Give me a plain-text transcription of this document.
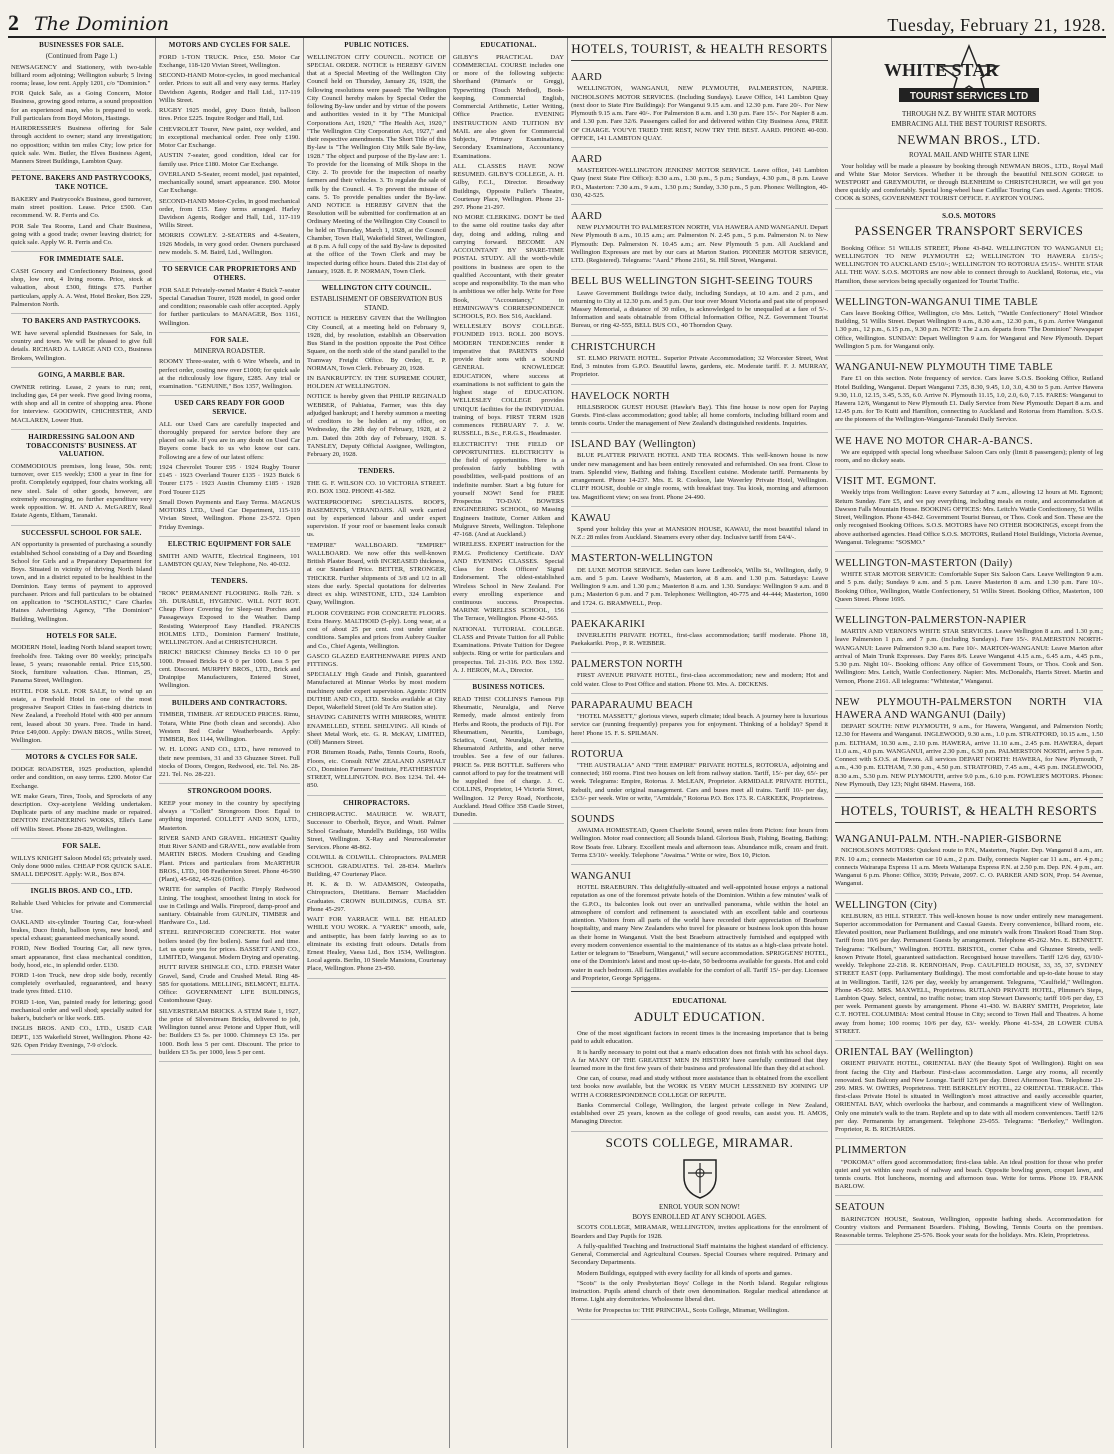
2 The Dominion	Tuesday, February 21, 1928.
BUSINESSES FOR SALE.
(Continued from Page 1.)

NEWSAGENCY and Stationery, with two-table billiard room adjoining; Wellington suburb; 5 living rooms; lease, low rent. Apply 1201, c/o "Dominion."

FOR Quick Sale, as a Going Concern, Motor Business, growing good returns, a sound proposition for an experienced man, who is prepared to work. Full particulars from Boyd Motors, Hastings.

HAIRDRESSER'S Business offering for Sale through accident to owner; stand any investigation; no opposition; within ten miles City; low price for quick sale. Wm. Butler, the Elves Business Agent, Manners Street Buildings, Lambton Quay.

PETONE. BAKERS AND PASTRYCOOKS, TAKE NOTICE.

BAKERY and Pastrycook's Business, good turnover, main street position. Lease. Price £500. Can recommend. W. R. Ferris and Co.

POR Sale Tea Rooms, Land and Chair Business, going with a good trade; owner leaving district; for quick sale. Apply W. R. Ferris and Co.

FOR IMMEDIATE SALE.

CASH Grocery and Confectionery Business, good shop, low rent, 4 living rooms. Price, stock at valuation, about £300, fittings £75. Further particulars, apply A. A. West, Hotel Broker, Box 229, Palmerston North.

TO BAKERS AND PASTRYCOOKS.

WE have several splendid Businesses for Sale, in country and town. We will be pleased to give full details. RICHARD A. LARGE AND CO., Business Brokers, Wellington.

GOING, A MARBLE BAR.

OWNER retiring. Lease, 2 years to run; rent, including gas, £4 per week. Five good living rooms, with shop and all in centre of shopping area. Phone for interview. GOODWIN, CHICHESTER, AND MACLAREN, Lower Hutt.

HAIRDRESSING SALOON AND TOBACCONISTS' BUSINESS. AT VALUATION.

COMMODIOUS premises, long lease, 50s. rent; turnover, over £15 weekly; £300 a year in fine for profit. Completely equipped, four chairs working, all new steel. Sale of other goods, however, are extremely encouraging, no further expenditure very week opposition. W. H. AND A. McGAREY, Real Estate Agents, Eltham, Taranaki.

SUCCESSFUL SCHOOL FOR SALE.

AN opportunity is presented of purchasing a soundly established School consisting of a Day and Boarding School for Girls and a Preparatory Department for Boys. Situated in vicinity of thriving North Island town, and in a district reputed to be healthiest in the Dominion. Easy terms of payment to approved purchaser. Prices and full particulars to be obtained on application to "SCHOLASTIC," Care Charles Haines Advertising Agency, "The Dominion" Building, Wellington.

HOTELS FOR SALE.

MODERN Hotel, leading North Island seaport town; freehold's free. Taking over 80 weekly; principal's lease, 5 years; reasonable rental. Price £15,500. Stock, furniture valuation. Chas. Hinman, 25, Panama Street, Wellington.

HOTEL FOR SALE. FOR SALE, to wind up an estate, a Freehold Hotel in one of the most progressive Seaport Cities in fast-rising districts in New Zealand, a Freehold Hotel with 400 per annum rent, leased about 30 years. Free. Trade in hand. Price £49,000. Apply: DWAN BROS., Willis Street, Wellington.

MOTORS & CYCLES FOR SALE.

DODGE ROADSTER, 1925 production, splendid order and condition, on easy terms. £200. Motor Car Exchange.

WE make Gears, Tires, Tools, and Sprockets of any description. Oxy-acetylene Welding undertaken. Duplicate parts of any machine made or repaired. DENTON ENGINEERING WORKS, Ellet's Lane off Willis Street. Phone 28-829, Wellington.

FOR SALE.

WILLYS KNIGHT Saloon Model 65; privately used. Only done 9000 miles. CHEAP FOR QUICK SALE. SMALL DEPOSIT. Apply: W.R., Box 874.

INGLIS BROS. AND CO., LTD.

Reliable Used Vehicles for private and Commercial Use.

OAKLAND six-cylinder Touring Car, four-wheel brakes, Duco finish, balloon tyres, new hood, and special exhaust; guaranteed mechanically sound.

FORD, New Bodied Touring Car, all new tyres, smart appearance, first class mechanical condition, body, hood, etc., in splendid order. £130.

FORD 1-ton Truck, new drop side body, recently completely overhauled, reguaranteed, and heavy trade tyres fitted. £110.

FORD 1-ton, Van, painted ready for lettering; good mechanical order and well shod; specially suited for baker's, butcher's or like work. £85.

INGLIS BROS. AND CO., LTD., USED CAR DEPT., 135 Wakefield Street, Wellington. Phone 42-926. Open Friday Evenings, 7-9 o'clock.

MOTORS AND CYCLES FOR SALE.

FORD 1-TON TRUCK. Price, £50. Motor Car Exchange, 118-120 Vivian Street, Wellington.

SECOND-HAND Motor-cycles, in good mechanical order. Prices to suit all and very easy terms. Harley Davidson Agents, Rodger and Hall Ltd., 117-119 Willis Street.

RUGBY 1925 model, grey Duco finish, balloon tires. Price £225. Inquire Rodger and Hall, Ltd.

CHEVROLET Tourer, New paint, oxy welded, and in exceptional mechanical order. Free only £190. Motor Car Exchange.

AUSTIN 7-seater, good condition, ideal car for family use. Price £180. Motor Car Exchange.

OVERLAND 5-Seater, recent model, just repainted, mechanically sound, smart appearance. £90. Motor Car Exchange.

SECOND-HAND Motor-Cycles, in good mechanical order, from £15. Easy terms arranged. Harley Davidson Agents, Rodger and Hall, Ltd., 117-119 Willis Street.

MORRIS COWLEY. 2-SEATERS and 4-Seaters, 1926 Models, in very good order. Owners purchased new models. S. M. Baird, Ltd., Wellington.

TO SERVICE CAR PROPRIETORS AND OTHERS.

FOR SALE Privately-owned Master 4 Buick 7-seater Special Canadian Tourer, 1928 model, in good order and condition; reasonable cash offer accepted. Apply for further particulars to MANAGER, Box 1161, Wellington.

FOR SALE.
MINERVA ROADSTER.

ROOMY Three-seater, with 6 Wire Wheels, and in perfect order, costing new over £1000; for quick sale at the ridiculously low figure, £285. Any trial or examination. "GENUINE," Box 1357, Wellington.

USED CARS READY FOR GOOD SERVICE.

ALL our Used Cars are carefully inspected and thoroughly prepared for service before they are placed on sale. If you are in any doubt on Used Car Buyers come back to us who know our cars. Following are a few of our latest offers:

1924 Chevrolet Tourer £95 · 1924 Rugby Tourer £145 · 1923 Overland Tourer £135 · 1923 Buick 6 Tourer £175 · 1923 Austin Chummy £185 · 1928 Ford Tourer £125

Small Down Payments and Easy Terms. MAGNUS MOTORS LTD., Used Car Department, 115-119 Vivian Street, Wellington. Phone 23-572. Open Friday Evenings.

ELECTRIC EQUIPMENT FOR SALE

SMITH AND WAITE, Electrical Engineers, 101 LAMBTON QUAY, New Telephone, No. 40-032.

TENDERS.

"ROK" PERMANENT FLOORING. Rolls 72ft. x 3ft. DURABLE, HYGIENIC. WILL NOT ROT. Cheap Floor Covering for Sleep-out Porches and Passageways Exposed to the Weather. Damp Resisting Waterproof Easy Handled. FRANCIS HOLMES LTD., Dominion Farmers' Institute, WELLINGTON. And at CHRISTCHURCH.

BRICK! BRICKS! Chimney Bricks £3 10 0 per 1000. Pressed Bricks £4 0 0 per 1000. Less 5 per cent. Discount. MURPHY BROS., LTD., Brick and Drainpipe Manufacturers, Entered Street, Wellington.

BUILDERS AND CONTRACTORS.

TIMBER, TIMBER. AT REDUCED PRICES. Rimu, Totara, White Pine (both clean and seconds). Also Western Red Cedar Weatherboards. Apply: TIMBER, Box 1144, Wellington.

W. H. LONG AND CO., LTD., have removed to their new premises, 31 and 33 Ghuznee Street. Full stocks of Doors, Oregon, Redwood, etc. Tel. No. 28-221. Tel. No. 28-221.

STRONGROOM DOORS.

KEEP your money in the country by specifying always a "Collett" Strongroom Door. Equal to anything imported. COLLETT AND SON, LTD., Masterton.

RIVER SAND AND GRAVEL. HIGHEST Quality Hutt River SAND and GRAVEL, now available from MARTIN BROS. Modern Crushing and Grading Plant. Prices and particulars from McARTHUR BROS., LTD., 108 Featherston Street. Phone 46-590 (Plant), 45-682, 45-926 (Office).

WRITE for samples of Pacific Fireply Redwood Lining. The toughest, smoothest lining in stock for use in Ceilings and Walls. Fireproof, damp-proof and sanitary. Obtainable from GUNLIN, TIMBER and Hardware Co., Ltd.

STEEL REINFORCED CONCRETE. Hot water boilers tested (by fire boilers). Same fuel and time. Let us quote you for prices. BASSETT AND CO., LIMITED, Wanganui. Modern Drying and operating.

HUTT RIVER SHINGLE CO., LTD. FRESH Water Gravel, Sand, Crude and Crushed Metal. Ring 48-585 for quotations. MELLING, BELMONT, ELITA. Office: GOVERNMENT LIFE BUILDINGS, Customhouse Quay.

SILVERSTREAM BRICKS. A STEM Rate 1, 1927, the price of Silverstream Bricks, delivered to job, Wellington tunnel area: Petone and Upper Hutt, will be: Builders £3 5s. per 1000. Chimneys £3 15s. per 1000. Both less 5 per cent. Discount. The price to builders £3 5s. per 1000, less 5 per cent.

PUBLIC NOTICES.

WELLINGTON CITY COUNCIL. NOTICE OF SPECIAL ORDER. NOTICE is HEREBY GIVEN that at a Special Meeting of the Wellington City Council held on Thursday, January 26, 1928, the following resolutions were passed: The Wellington City Council hereby makes by Special Order the following By-law under and by virtue of the powers and authorities vested in it by "The Municipal Corporations Act, 1920," "The Health Act, 1920," "The Wellington City Corporation Act, 1927," and their respective amendments. The Short Title of this By-law is "The Wellington City Milk Sale By-law, 1928." The object and purpose of the By-law are: 1. To provide for the licensing of Milk Shops in the City. 2. To provide for the inspection of nearby farmers and their vehicles. 3. To regulate the sale of milk by the Council. 4. To prevent the misuse of cans. 5. To provide penalties under the By-law. AND NOTICE is HEREBY GIVEN that the Resolution will be submitted for confirmation at an Ordinary Meeting of the Wellington City Council to be held on Thursday, March 1, 1928, at the Council Chamber, Town Hall, Wakefield Street, Wellington, at 8 p.m. A full copy of the said By-law is deposited at the office of the Town Clerk and may be inspected during office hours. Dated this 21st day of January, 1928. E. P. NORMAN, Town Clerk.

WELLINGTON CITY COUNCIL.
ESTABLISHMENT OF OBSERVATION BUS STAND.

NOTICE is HEREBY GIVEN that the Wellington City Council, at a meeting held on February 9, 1928, did, by resolution, establish an Observation Bus Stand in the position opposite the Post Office Square, on the north side of the stand parallel to the Tramway Freight Office. By Order, E. P. NORMAN, Town Clerk. February 20, 1928.

IN BANKRUPTCY. IN THE SUPREME COURT, HOLDEN AT WELLINGTON.

NOTICE is hereby given that PHILIP REGINALD WEBBER, of Pahiatua, Farmer, was this day adjudged bankrupt; and I hereby summon a meeting of creditors to be holden at my office, on Wednesday, the 29th day of February, 1928, at 2 p.m. Dated this 20th day of February, 1928. S. TANSLEY, Deputy Official Assignee, Wellington, February 20, 1928.

TENDERS.

THE G. F. WILSON CO. 10 VICTORIA STREET. P.O. BOX 1302. PHONE 41-582.

WATERPROOFING SPECIALISTS. ROOFS, BASEMENTS, VERANDAHS. All work carried out by experienced labour and under expert supervision. If your roof or basement leaks consult us.

"EMPIRE" WALLBOARD. "EMPIRE" WALLBOARD. We now offer this well-known British Plaster Board, with INCREASED thickness, at our Standard Price. BETTER, STRONGER, THICKER. Further shipments of 3/8 and 1/2 in all sizes due early. Special quotations for deliveries direct ex ship. WINSTONE, LTD., 324 Lambton Quay, Wellington.

FLOOR COVERING FOR CONCRETE FLOORS. Extra Heavy. MALTHOID (5-ply). Long wear, at a cost of about 25 per cent. cost under similar conditions. Samples and prices from Aubrey Gualter and Co., Chief Agents, Wellington.

GASCO GLAZED EARTHENWARE PIPES AND FITTINGS.

SPECIALLY High Grade and Finish, guaranteed Manufactured at Minnar Works by most modern machinery under expert supervision. Agents: JOHN DUTHIE AND CO., LTD. Stocks available at City Depot, Wakefield Street (old Te Aro Station site).

SHAVING CABINETS WITH MIRRORS, WHITE ENAMELLED, STEEL SHELVING. All Kinds of Sheet Metal Work, etc. G. R. McKAY, LIMITED, (Off) Manners Street.

FOR Bitumen Roads, Paths, Tennis Courts, Roofs, Floors, etc. Consult NEW ZEALAND ASPHALT CO., Dominion Farmers' Institute, FEATHERSTON STREET, WELLINGTON. P.O. Box 1234. Tel. 44-850.

CHIROPRACTORS.

CHIROPRACTIC. MAURICE W. WRATT, Successor to Oberholt, Bryce, and Wratt. Palmer School Graduate, Mundell's Buildings, 160 Willis Street, Wellington. X-Ray and Neurocalometer Services. Phone 48-862.

COLWILL & COLWILL. Chiropractors. PALMER SCHOOL GRADUATES. Tel. 28-834. Marlin's Building, 47 Courtenay Place.

H. K. & D. W. ADAMSON, Osteopaths, Chiropractors, Dietitians. Bernarr Macfadden Graduates. CROWN BUILDINGS, CUBA ST. Phone 45-297.

WAIT FOR YARRACE WILL BE HEALED WHILE YOU WORK. A "YAREK" smooth, safe, and antiseptic, has been fairly leaving so as to eliminate its existing fruit odours. Details from Ernest Healey, Vaesa Ltd., Box 1534, Wellington. Local agents. Berlin, 10 Steele Mansions, Courtenay Place, Wellington. Phone 23-450.

EDUCATIONAL.

GILBY'S PRACTICAL DAY COMMERCIAL COURSE includes one or more of the following subjects: Shorthand (Pitman's or Gregg), Typewriting (Touch Method), Book-keeping, Commercial English, Commercial Arithmetic, Letter Writing, Office Practice. EVENING INSTRUCTION AND TUITION BY MAIL are also given for Commercial Subjects, Primary Examinations, Secondary Examinations, Accountancy Examinations.

ALL CLASSES HAVE NOW RESUMED. GILBY'S COLLEGE, A. H. Gilby, F.C.I., Director. Broadway Buildings, Opposite Fuller's Theatre, Courtenay Place, Wellington. Phone 21-297. Phone 21-297.

NO MORE CLERKING. DON'T be tied to the same old routine tasks day after day, doing and adding, ruling and carrying forward. BECOME AN ACCOUNTANT BY SPARE-TIME POSTAL STUDY. All the worth-while positions in business are open to the qualified Accountant, with their greater scope and responsibility. To the man who is ambitious we offer help. Write for Free Book, "Accountancy," to HEMINGWAY'S CORRESPONDENCE SCHOOLS, P.O. Box 516, Auckland.

WELLESLEY BOYS' COLLEGE. FOUNDED 1913. ROLL 200 BOYS. MODERN TENDENCIES render it imperative that PARENTS should provide their sons with a SOUND GENERAL KNOWLEDGE EDUCATION, where success at examinations is not sufficient to gain the highest stage of EDUCATION. WELLESLEY COLLEGE provides UNIQUE facilities for the INDIVIDUAL training of boys. FIRST TERM 1928 commences FEBRUARY 7. J. W. RUSSELL, B.Sc., F.R.G.S., Headmaster.

ELECTRICITY! THE FIELD OF OPPORTUNITIES. ELECTRICITY is the field of opportunities. Here is a profession fairly bubbling with possibilities, well-paid positions of an indefinite number. Start a big future for yourself NOW! Send for FREE Prospectus TO-DAY. BOWERS ENGINEERING SCHOOL, 60 Massing Engineers Institute, Corner Aitken and Mulgrave Streets, Wellington. Telephone 47-168. (And at Auckland.)

WIRELESS. EXPERT instruction for the P.M.G. Proficiency Certificate. DAY AND EVENING CLASSES. Special Class for Dock Officers' Signal Endorsement. The oldest-established Wireless School in New Zealand. For every enrolling experience and continuous success. Prospectus. MARINE WIRELESS SCHOOL, 156 The Terrace, Wellington. Phone 42-565.

NATIONAL TUTORIAL COLLEGE. CLASS and Private Tuition for all Public Examinations. Private Tuition for Degree subjects. Ring or write for particulars and prospectus. Tel. 21-316. P.O. Box 1392. A. J. HERON, M.A., Director.

BUSINESS NOTICES.

READ THIS! COLLINS'S Famous Fiji Rheumatic, Neuralgia, and Nerve Remedy, made almost entirely from Herbs and Roots, the products of Fiji. For Rheumatism, Neuritis, Lumbago, Sciatica, Gout, Neuralgia, Arthritis, Rheumatoid Arthritis, and other nerve troubles. See a few of our failures. PRICE 5s. PER BOTTLE. Sufferers who cannot afford to pay for the treatment will be supplied free of charge. J. C. COLLINS, Proprietor, 14 Victoria Street, Wellington. 12 Percy Road, Northcote, Auckland. Head Office 358 Castle Street, Dunedin.

HOTELS, TOURIST, & HEALTH RESORTS
AARD

WELLINGTON, WANGANUI, NEW PLYMOUTH, PALMERSTON, NAPIER. NICHOLSON'S MOTOR SERVICES. (Including Sundays). Leave Office, 141 Lambton Quay (next door to State Fire Buildings): For Wanganui 9.15 a.m. and 12.30 p.m. Fare 20/-. For New Plymouth 9.15 a.m. Fare 40/-. For Palmerston 8 a.m. and 1.30 p.m. Fare 15/-. For Napier 8 a.m. and 1.30 p.m. Fare 32/6. Passengers called for and delivered within City Business Area, FREE OF CHARGE. YOU'VE TRIED THE REST, NOW TRY THE BEST. AARD. PHONE 40-030. OFFICE, 141 LAMBTON QUAY.

AARD

MASTERTON-WELLINGTON JENKINS' MOTOR SERVICE. Leave office, 141 Lambton Quay (next State Fire Office): 8.30 a.m., 1.30 p.m., 5 p.m.; Sundays, 4.30 p.m., 8 p.m. Leave P.O., Masterton: 7.30 a.m., 9 a.m., 1.30 p.m.; Sunday, 3.30 p.m., 5 p.m. Phones: Wellington, 40-030, 42-525.

AARD

NEW PLYMOUTH TO PALMERSTON NORTH, VIA HAWERA AND WANGANUI. Depart New Plymouth 8 a.m., 10.15 a.m.; arr. Palmerston N. 2.45 p.m., 5 p.m. Palmerston N. to New Plymouth: Dep. Palmerston N. 10.45 a.m.; arr. New Plymouth 5 p.m. All Auckland and Wellington Expresses are met by our cars at Marton Station. PIONEER MOTOR SERVICE, LTD. (Registered). Telegrams: "Aard." Phone 2161, St. Hill Street, Wanganui.

BELL BUS WELLINGTON SIGHT-SEEING TOURS

Leave Government Buildings twice daily, including Sundays, at 10 a.m. and 2 p.m., and returning to City at 12.30 p.m. and 5 p.m. Our tour over Mount Victoria and past site of proposed Massey Memorial, a distance of 30 miles, is acknowledged to be unequalled at a fare of 5/-. Information and seats obtainable from Official Information Office, N.Z. Government Tourist Bureau, or ring 42-555, BELL BUS CO., 40 Thorndon Quay.

CHRISTCHURCH

ST. ELMO PRIVATE HOTEL. Superior Private Accommodation; 32 Worcester Street, West End, 3 minutes from G.P.O. Beautiful lawns, gardens, etc. Moderate tariff. F. J. MURRAY, Proprietor.

HAVELOCK NORTH

HILLSBROOK GUEST HOUSE (Hawke's Bay). This fine house is now open for Paying Guests. First-class accommodation; good table; all home comforts, including billiard room and tennis courts. Under the management of New Zealand's distinguished residents. Inquiries.

ISLAND BAY (Wellington)

BLUE PLATTER PRIVATE HOTEL AND TEA ROOMS. This well-known house is now under new management and has been entirely renovated and refurnished. On sea front. Close to tram. Splendid view, Bathing and fishing. Excellent cuisine. Moderate tariff. Permanents by arrangement. Phone 14-237. Mrs. E. R. Cookson, late Waverley Private Hotel, Wellington. CLIFF HOUSE, double or single rooms, with breakfast tray. Tea kiosk, morning and afternoon tea. Magnificent view; on sea front. Phone 24-490.

KAWAU

Spend your holiday this year at MANSION HOUSE, KAWAU, the most beautiful island in N.Z.: 28 miles from Auckland. Steamers every other day. Inclusive tariff from £4/4/-.

MASTERTON-WELLINGTON

DE LUXE MOTOR SERVICE. Sedan cars leave Ledbrook's, Willis St., Wellington, daily, 9 a.m. and 5 p.m. Leave Wodham's, Masterton, at 8 a.m. and 1.30 p.m. Saturdays: Leave Wellington 9 a.m. and 1.30 p.m.; Masterton 8 a.m. and 1.30. Sundays: Wellington 9 a.m. and 8 p.m.; Masterton 6 p.m. and 7 p.m. Telephones: Wellington, 40-775 and 44-444; Masterton, 1690 and 1724. G. BRAMWELL, Prop.

PAEKAKARIKI

INVERLEITH PRIVATE HOTEL, first-class accommodation; tariff moderate. Phone 18, Paekakariki. Prop., P. R. WEBBER.

PALMERSTON NORTH

FIRST AVENUE PRIVATE HOTEL, first-class accommodation; new and modern; Hot and cold water. Close to Post Office and station. Phone 93. Mrs. A. DICKENS.

PARAPARAUMU BEACH

"HOTEL MASSETT," glorious views, superb climate; ideal beach. A journey here is luxurious service car (running frequently) prepares you for enjoyment. Thinking of a holiday? Spend it here! Phone 15. F. S. SPILMAN.

ROTORUA

"THE AUSTRALIA" AND "THE EMPIRE" PRIVATE HOTELS, ROTORUA, adjoining and connected; 160 rooms. First two houses on left from railway station. Tariff, 15/- per day, 65/- per week. Telegrams: Empire, Rotorua. J. McLEAN, Proprietor. ARMIDALE PRIVATE HOTEL, Rebuilt, and under original management. Cars and buses meet all trains. Tariff 10/- per day, £3/3/- per week. Wire or write, "Armidale," Rotorua P.O. Box 173. R. CARKEEK, Proprietress.

SOUNDS

AWAIMA HOMESTEAD, Queen Charlotte Sound, seven miles from Picton: four hours from Wellington. Motor road connection; all Sounds Island. Glorious Bush, Fishing, Boating, Bathing; Row Boats free. Library. Excellent meals and afternoon teas. Abundance milk, cream and fruit. Terms £3/10/- weekly. Telephone "Awaima." Write or wire, Box 10, Picton.

WANGANUI

HOTEL BRAEBURN. This delightfully-situated and well-appointed house enjoys a national reputation as one of the foremost private hotels of the Dominion. Within a few minutes' walk of the G.P.O., its balconies look out over an unrivalled panorama, while within the hotel an atmosphere of comfort and refinement is associated with an excellent table and courteous attention. Visitors from all parts of the world have recorded their appreciation of Braeburn hospitality, and many New Zealanders who travel for pleasure or business look upon this house as their home in Wanganui. Visit the best Braeburn attractively furnished and equipped with every modern convenience essential to the maintenance of its status as a high-class private hotel. Letter or telegram to "Braeburn, Wanganui," will secure accommodation. SPRIGGENS' HOTEL, one of the Dominion's latest and most up-to-date, 50 bedrooms available for guests. Hot and cold water in each bedroom. All facilities available for the comfort of all. Tariff 15/- per day. Licensee and Proprietor, George Spriggens.

EDUCATIONAL
ADULT EDUCATION.

One of the most significant factors in recent times is the increasing importance that is being paid to adult education.

It is hardly necessary to point out that a man's education does not finish with his school days. A far MANY OF THE GREATEST MEN IN HISTORY have carefully continued that they learned more in the first few years of their business and professional life than they did at school.

One can, of course, read and study without more assistance than is obtained from the excellent text books now available, but the WORK IS VERY MUCH LESSENED BY JOINING UP WITH A CORRESPONDENCE COLLEGE OF REPUTE.

Banks Commercial College, Wellington, the largest private college in New Zealand, established over 25 years, known as the college of good results, can assist you. H. AMOS, Managing Director.

SCOTS COLLEGE, MIRAMAR.
ENROL YOUR SON NOW!
BOYS ENROLLED AT ANY SCHOOL AGES.

SCOTS COLLEGE, MIRAMAR, WELLINGTON, invites applications for the enrolment of Boarders and Day Pupils for 1928.

A fully-qualified Teaching and Instructional Staff maintains the highest standard of efficiency. General, Commercial and Agricultural Courses. Special Courses where required. Primary and Secondary Departments.

Modern Buildings, equipped with every facility for all kinds of sports and games.

"Scots" is the only Presbyterian Boys' College in the North Island. Regular religious instruction. Pupils attend church of their own denomination. Regular medical attendance at Home. Light airy dormitories. Wholesome liberal diet.

Write for Prospectus to: THE PRINCIPAL, Scots College, Miramar, Wellington.

WHITE STAR
TOURIST SERVICES LTD
THROUGH N.Z. BY WHITE STAR MOTORS
EMBRACING ALL THE BEST TOURIST RESORTS.
NEWMAN BROS., LTD.
ROYAL MAIL AND WHITE STAR LINE

Your holiday will be made a pleasure by booking through NEWMAN BROS., LTD., Royal Mail and White Star Motor Services. Whether it be through the beautiful NELSON GORGE to WESTPORT and GREYMOUTH, or through BLENHEIM to CHRISTCHURCH, we will get you there quickly and comfortably. Special long-wheel base Cadillac Touring Cars used. Agents: THOS. COOK & SONS, GOVERNMENT TOURIST OFFICE. F. AYRTON YOUNG.

S.O.S. MOTORS
PASSENGER TRANSPORT SERVICES

Booking Office: 51 WILLIS STREET, Phone 43-842. WELLINGTON TO WANGANUI £1; WELLINGTON TO NEW PLYMOUTH £2; WELLINGTON TO HAWERA £1/15/-; WELLINGTON TO AUCKLAND £5/10/-; WELLINGTON TO ROTORUA £5/15/-. WHITE STAR ALL THE WAY. S.O.S. MOTORS are now able to connect through to Auckland, Rotorua, etc., via Hamilton, these services being specially organized for Tourist Traffic.

WELLINGTON-WANGANUI TIME TABLE

Cars leave Booking Office, Wellington, c/o Mrs. Leitch, "Wattle Confectionery" Hotel Windsor Building, 51 Willis Street. Depart Wellington 9 a.m., 8.30 a.m., 12.30 p.m., 6 p.m. Arrive Wanganui 1.30 p.m., 12 p.m., 6.15 p.m., 9.30 p.m. NOTE: The 2 a.m. departs from "The Dominion" Newspaper Office, Wellington. SUNDAY: Depart Wellington 9 a.m. for Wanganui and New Plymouth. Depart Wellington 5 p.m. for Wanganui only.

WANGANUI-NEW PLYMOUTH TIME TABLE

Fare £1 on this section. Note frequency of service. Cars leave S.O.S. Booking Office, Rutland Hotel Building, Wanganui. Depart Wanganui 7.35, 8.30, 9.45, 1.0, 3.0, 4.30 to 5 p.m. Arrive Hawera 9.30, 11.0, 12.15, 3.45, 5.35, 6.0. Arrive N. Plymouth 11.15, 1.0, 2.0, 6.0, 7.15. FARES: Wanganui to Hawera 12/6, Wanganui to New Plymouth £1. Daily Service from New Plymouth: Depart 8 a.m. and 12.45 p.m. for To Kuiti and Hamilton, connecting to Auckland and Rotorua from Hamilton. S.O.S. are the pioneers of the Wellington-Wanganui-Taranaki Daily Service.

WE HAVE NO MOTOR CHAR-A-BANCS.

We are equipped with special long wheelbase Saloon Cars only (limit 8 passengers); plenty of leg room, and no dickey seats.

VISIT MT. EGMONT.

Weekly trips from Wellington: Leave every Saturday at 7 a.m., allowing 12 hours at Mt. Egmont; Return Sunday. Fare £5, and we pay everything, including meals en route, and accommodation at Dawson Falls Mountain House. BOOKING OFFICES: Mrs. Leitch's Wattle Confectionery, 51 Willis Street, Wellington. Phone 43-842. Government Tourist Bureau, or Thos. Cook and Son. These are the only recognised Booking Offices. S.O.S. MOTORS have NO OTHER BOOKINGS, except from the above authorised agencies. Head Office S.O.S. MOTORS, Rutland Hotel Buildings, Victoria Avenue, Wanganui. Telegrams: "SOSMO."

WELLINGTON-MASTERTON (Daily)

WHITE STAR MOTOR SERVICE: Comfortable Super Six Saloon Cars. Leave Wellington 9 a.m. and 5 p.m. daily; Sundays 9 a.m. and 5 p.m. Leave Masterton 8 a.m. and 1.30 p.m. Fare 10/-. Booking Office, Wellington, Wattle Confectionery, 51 Willis Street. Booking Office, Masterton, 100 Queen Street. Phone 1695.

WELLINGTON-PALMERSTON-NAPIER

MARTIN AND VERNON'S WHITE STAR SERVICES. Leave Wellington 8 a.m. and 1.30 p.m.; leave Palmerston 1 p.m. and 7 p.m. (including Sundays). Fare 15/-. PALMERSTON NORTH-WANGANUI: Leave Palmerston 9.30 a.m. Fare 10/-. MARTON-WANGANUI: Leave Marton after arrival of Main Trunk Expresses. Day Fares 8/6. Leave Wanganui 4.15 a.m., 6.45 a.m., 4.45 p.m., 5.30 p.m. Night 10/-. Booking offices: Any office of Government Tours, or Thos. Cook and Son. Wellington: Mrs. Leitch, Wattle Confectionery. Napier: Mrs. McDonald's, Harris Street. Martin and Vernon, Phone 2161. All telegrams: "Whitestar," Wanganui.

NEW PLYMOUTH-PALMERSTON NORTH VIA HAWERA AND WANGANUI (Daily)

DEPART SOUTH: NEW PLYMOUTH, 9 a.m., for Hawera, Wanganui, and Palmerston North; 12.30 for Hawera and Wanganui. INGLEWOOD, 9.30 a.m., 1.0 p.m. STRATFORD, 10.15 a.m., 1.50 p.m. ELTHAM, 10.30 a.m., 2.10 p.m. HAWERA, arrive 11.10 a.m., 2.45 p.m. HAWERA, depart 11.0 a.m., 4.0 p.m. WANGANUI, arrive 2.30 p.m., 6.30 p.m. PALMERSTON NORTH, arrive 5 p.m. Connect with S.O.S. at Hawera. All services DEPART NORTH: HAWERA, for New Plymouth, 7 a.m., 4.30 p.m. ELTHAM, 7.30 p.m., 4.50 p.m. STRATFORD, 7.45 a.m., 4.45 p.m. INGLEWOOD, 8.30 a.m., 5.30 p.m. NEW PLYMOUTH, arrive 9.0 p.m., 6.10 p.m. FOWLER'S MOTORS. Phones: New Plymouth, Day 123; Night 684M. Hawera, 168.

HOTELS, TOURIST, & HEALTH RESORTS
WANGANUI-PALM. NTH.-NAPIER-GISBORNE

NICHOLSON'S MOTORS: Quickest route to P.N., Masterton, Napier. Dep. Wanganui 8 a.m., arr. P.N. 10 a.m.; connects Masterton car 10 a.m., 2 p.m. Daily, connects Napier car 11 a.m., arr. 4 p.m.; connects Wairarapa Express 11 a.m. Meets Waitarapa Express P.N. at 2.50 p.m. Dep. P.N. 4 p.m., arr. Wanganui 6 p.m. Phone: Office, 3039; Private, 2097. C. O. PARKER AND SON, Prop. 54 Avenue, Wanganui.

WELLINGTON (City)

KELBURN, 83 HILL STREET. This well-known house is now under entirely new management. Superior accommodation for Permanent and Casual Guests. Every convenience, billiard room, etc. Elevated position, near Parliament Buildings, and one minute's walk from Tinakori Road Tram Stop. Tariff from 10/6 per day. Permanent Guests by arrangement. Telephone 45-262. Mrs. E. BENNETT. Telegrams: "Kelburn," Wellington. HOTEL BRISTOL, corner Cuba and Ghuznee Streets, well-known Private Hotel, guaranteed satisfaction. Recognised house travellers. Tariff 12/6 day, 63/10/- weekly. Telephone 22-218. R. KERNOHAN, Prop. CAULFIELD HOUSE, 33, 35, 37, SYDNEY STREET EAST (opp. Parliamentary Buildings). The most comfortable and up-to-date house to stay at in Wellington. Tariff, 12/6 per day, weekly by arrangement. Telegrams, "Caulfield," Wellington. Phone 45-502. MRS. MAXWELL, Proprietress. RUTLAND PRIVATE HOTEL, Plimmer's Steps, Lambton Quay. Select, central, no traffic noise; tram stop Stewart Dawson's; tariff 10/6 per day, £3 per week. Permanent guests by arrangement. Phone 41-430. W. BARRY SMITH, Proprietor, late C.T. HOTEL COLUMBIA: Most central House in City; second to Town Hall and Theatres. A home away from home; 100 rooms; 10/6 per day, 63/- weekly. Phone 41-534, 28 LOWER CUBA STREET.

ORIENTAL BAY (Wellington)

ORIENT PRIVATE HOTEL, ORIENTAL BAY (the Beauty Spot of Wellington). Right on sea front facing the City and Harbour. First-class accommodation. Large airy rooms, all recently renovated. Sun Balcony and New Lounge. Tariff 12/6 per day. Direct Afternoon Teas. Telephone 21-299. MRS. W. OWERS, Proprietress. THE BERKELEY HOTEL, 22 ORIENTAL TERRACE. This first-class Private Hotel is situated in Wellington's most attractive and easily accessible quarter, ORIENTAL BAY, which overlooks the harbour, and commands a magnificent view of Wellington. Only one minute's walk to the tram. Replete and up to date with all modern conveniences. Tariff 12/6 per day. Permanents by arrangement. Telephone 23-055. Telegrams: "Berkeley," Wellington. Proprietor, R. B. RICHARDS.

PLIMMERTON

"POKOMA" offers good accommodation; first-class table. An ideal position for those who prefer quiet and yet within easy reach of railway and beach. Opposite bowling green, croquet lawn, and tennis courts. Hot luncheons, morning and afternoon teas. Write for terms. Phone 19. FRANK BARLOW.

SEATOUN

BARINGTON HOUSE, Seatoun, Wellington, opposite bathing sheds. Accommodation for Country visitors and Permanent Boarders. Fishing, Bowling, Tennis Courts on the premises. Reasonable terms. Telephone 25-576. Book your seats for the holidays. Mrs. Klein, Proprietress.
